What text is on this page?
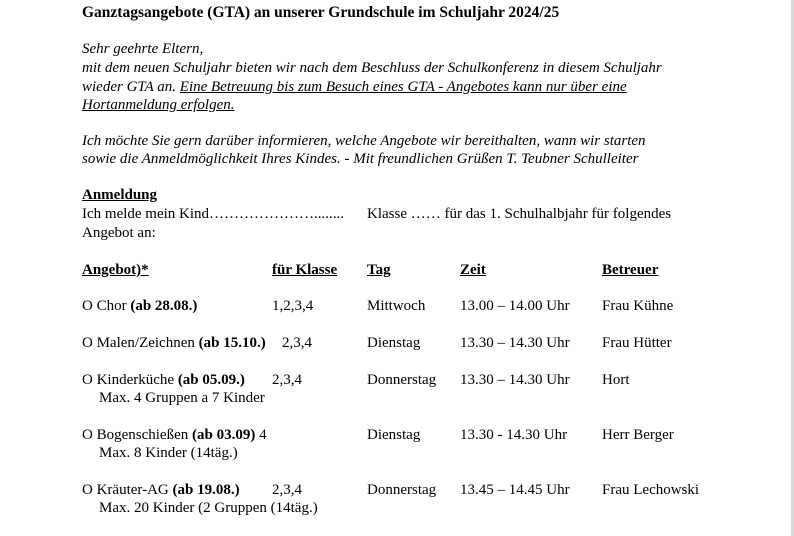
Ganztagsangebote (GTA) an unserer Grundschule im Schuljahr 2024/25
Sehr geehrte Eltern,
mit dem neuen Schuljahr bieten wir nach dem Beschluss der Schulkonferenz in diesem Schuljahr
wieder GTA an. Eine Betreuung bis zum Besuch eines GTA - Angebotes kann nur über eine
Hortanmeldung erfolgen.
Ich möchte Sie gern darüber informieren, welche Angebote wir bereithalten, wann wir starten
sowie die Anmeldmöglichkeit Ihres Kindes. - Mit freundlichen Grüßen T. Teubner Schulleiter
Anmeldung
Ich melde mein Kind…………………........ Klasse …… für das 1. Schulhalbjahr für folgendes
Angebot an:
Angebot)*	für Klasse Tag	Zeit	Betreuer
O Chor (ab 28.08.)	1,2,3,4	Mittwoch 13.00 – 14.00 Uhr Frau Kühne
O Malen/Zeichnen (ab 15.10.) 2,3,4	Dienstag	13.30 – 14.30 Uhr Frau Hütter
O Kinderküche (ab 05.09.) 2,3,4	Donnerstag 13.30 – 14.30 Uhr Hort
Max. 4 Gruppen a 7 Kinder
O Bogenschießen (ab 03.09) 4	Dienstag	13.30 - 14.30 Uhr Herr Berger
Max. 8 Kinder (14täg.)
O Kräuter-AG (ab 19.08.) 2,3,4	Donnerstag 13.45 – 14.45 Uhr Frau Lechowski
Max. 20 Kinder (2 Gruppen (14täg.)
